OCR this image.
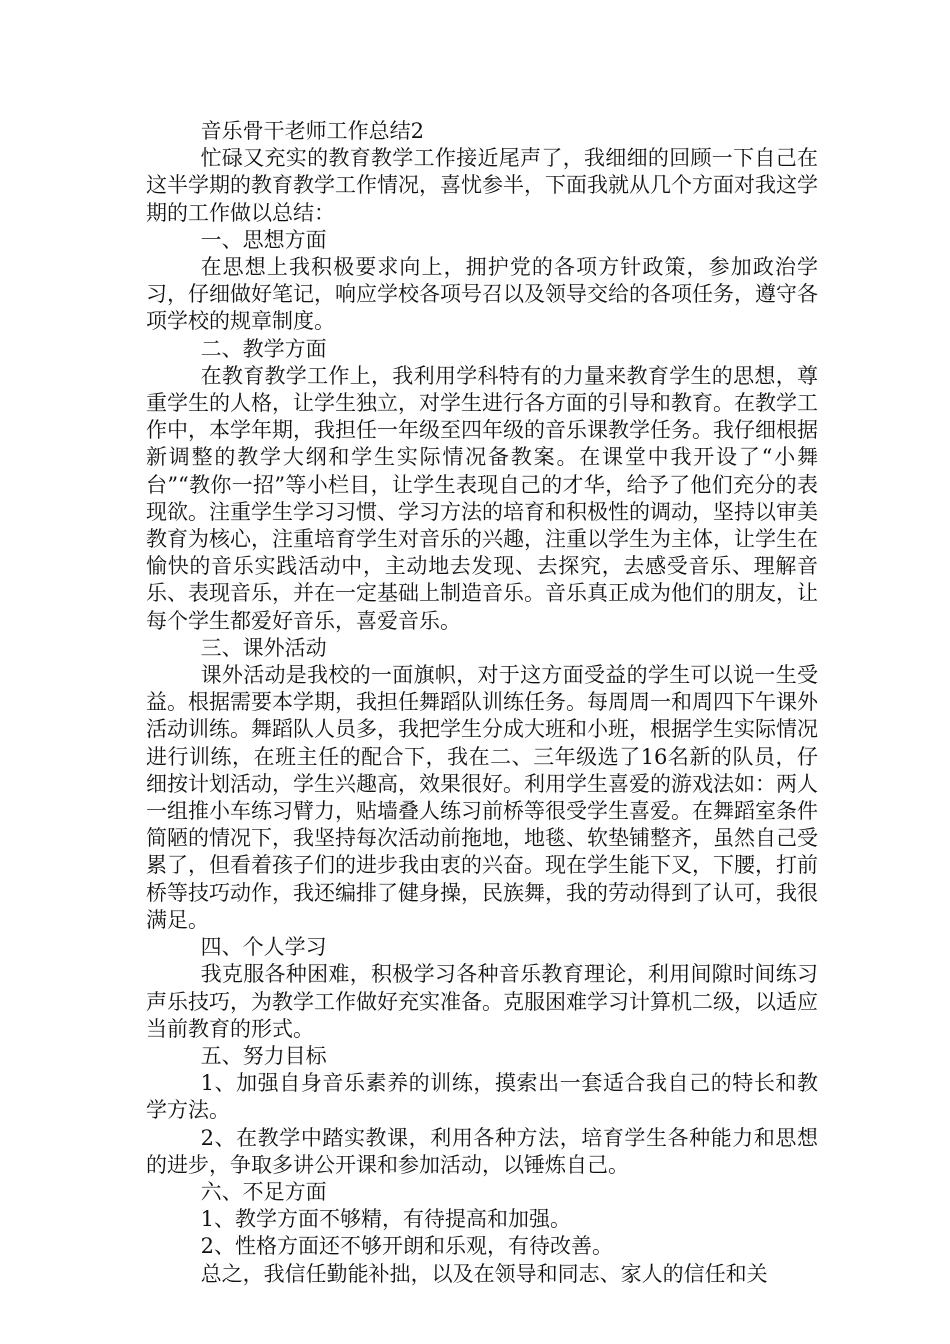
音乐骨干老师工作总结2

忙碌又充实的教育教学工作接近尾声了，我细细的回顾一下自己在这半学期的教育教学工作情况，喜忧参半，下面我就从几个方面对我这学期的工作做以总结：

一、思想方面

在思想上我积极要求向上，拥护党的各项方针政策，参加政治学习，仔细做好笔记，响应学校各项号召以及领导交给的各项任务，遵守各项学校的规章制度。

二、教学方面

在教育教学工作上，我利用学科特有的力量来教育学生的思想，尊重学生的人格，让学生独立，对学生进行各方面的引导和教育。在教学工作中，本学年期，我担任一年级至四年级的音乐课教学任务。我仔细根据新调整的教学大纲和学生实际情况备教案。在课堂中我开设了“小舞台”“教你一招”等小栏目，让学生表现自己的才华，给予了他们充分的表现欲。注重学生学习习惯、学习方法的培育和积极性的调动，坚持以审美教育为核心，注重培育学生对音乐的兴趣，注重以学生为主体，让学生在愉快的音乐实践活动中，主动地去发现、去探究，去感受音乐、理解音乐、表现音乐，并在一定基础上制造音乐。音乐真正成为他们的朋友，让每个学生都爱好音乐，喜爱音乐。

三、课外活动

课外活动是我校的一面旗帜，对于这方面受益的学生可以说一生受益。根据需要本学期，我担任舞蹈队训练任务。每周周一和周四下午课外活动训练。舞蹈队人员多，我把学生分成大班和小班，根据学生实际情况进行训练，在班主任的配合下，我在二、三年级选了16名新的队员，仔细按计划活动，学生兴趣高，效果很好。利用学生喜爱的游戏法如：两人一组推小车练习臂力，贴墙叠人练习前桥等很受学生喜爱。在舞蹈室条件简陋的情况下，我坚持每次活动前拖地，地毯、软垫铺整齐，虽然自己受累了，但看着孩子们的进步我由衷的兴奋。现在学生能下叉，下腰，打前桥等技巧动作，我还编排了健身操，民族舞，我的劳动得到了认可，我很满足。

四、个人学习

我克服各种困难，积极学习各种音乐教育理论，利用间隙时间练习声乐技巧，为教学工作做好充实准备。克服困难学习计算机二级，以适应当前教育的形式。

五、努力目标

1、加强自身音乐素养的训练，摸索出一套适合我自己的特长和教学方法。

2、在教学中踏实教课，利用各种方法，培育学生各种能力和思想的进步，争取多讲公开课和参加活动，以锤炼自己。

六、不足方面

1、教学方面不够精，有待提高和加强。

2、性格方面还不够开朗和乐观，有待改善。

总之，我信任勤能补拙，以及在领导和同志、家人的信任和关
